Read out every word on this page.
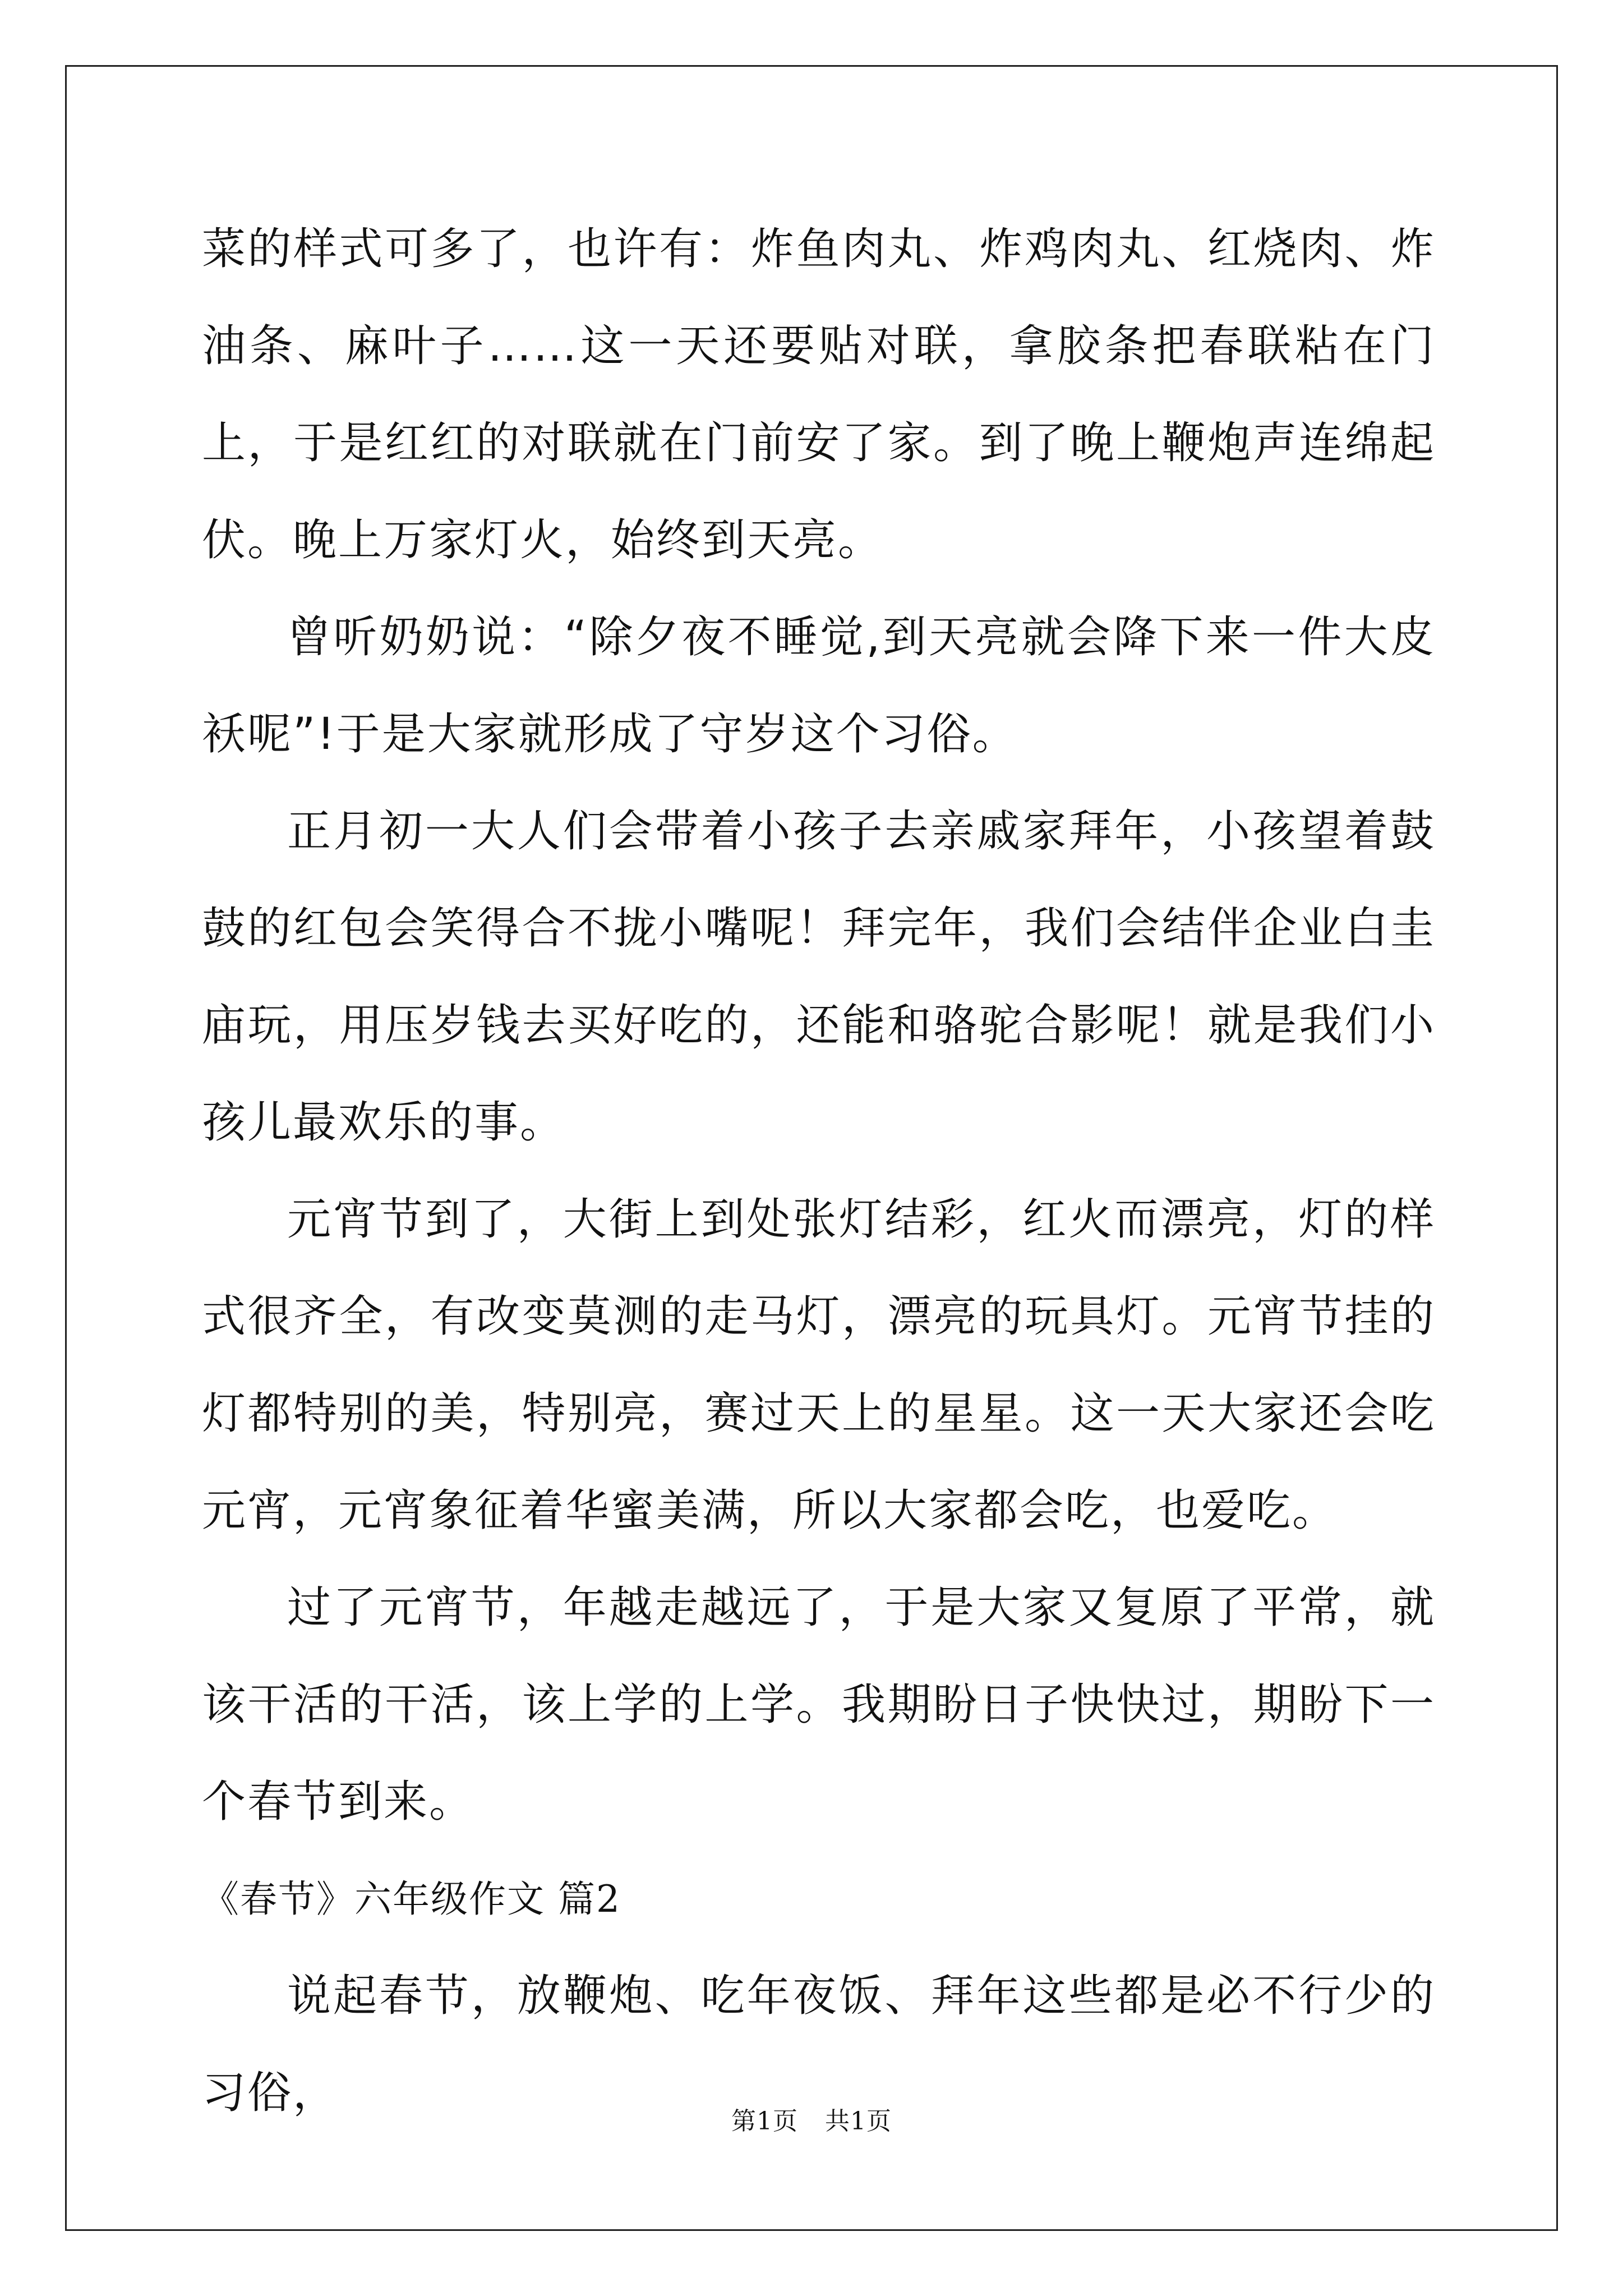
菜的样式可多了，也许有：炸鱼肉丸、炸鸡肉丸、红烧肉、炸油条、麻叶子……这一天还要贴对联，拿胶条把春联粘在门上，于是红红的对联就在门前安了家。到了晚上鞭炮声连绵起伏。晚上万家灯火，始终到天亮。

曾听奶奶说：“除夕夜不睡觉,到天亮就会降下来一件大皮袄呢”!于是大家就形成了守岁这个习俗。

正月初一大人们会带着小孩子去亲戚家拜年，小孩望着鼓鼓的红包会笑得合不拢小嘴呢！拜完年，我们会结伴企业白圭庙玩，用压岁钱去买好吃的，还能和骆驼合影呢！就是我们小孩儿最欢乐的事。

元宵节到了，大街上到处张灯结彩，红火而漂亮，灯的样式很齐全，有改变莫测的走马灯，漂亮的玩具灯。元宵节挂的灯都特别的美，特别亮，赛过天上的星星。这一天大家还会吃元宵，元宵象征着华蜜美满，所以大家都会吃，也爱吃。

过了元宵节，年越走越远了，于是大家又复原了平常，就该干活的干活，该上学的上学。我期盼日子快快过，期盼下一个春节到来。

《春节》六年级作文 篇2

说起春节，放鞭炮、吃年夜饭、拜年这些都是必不行少的习俗，

第1页 共1页
